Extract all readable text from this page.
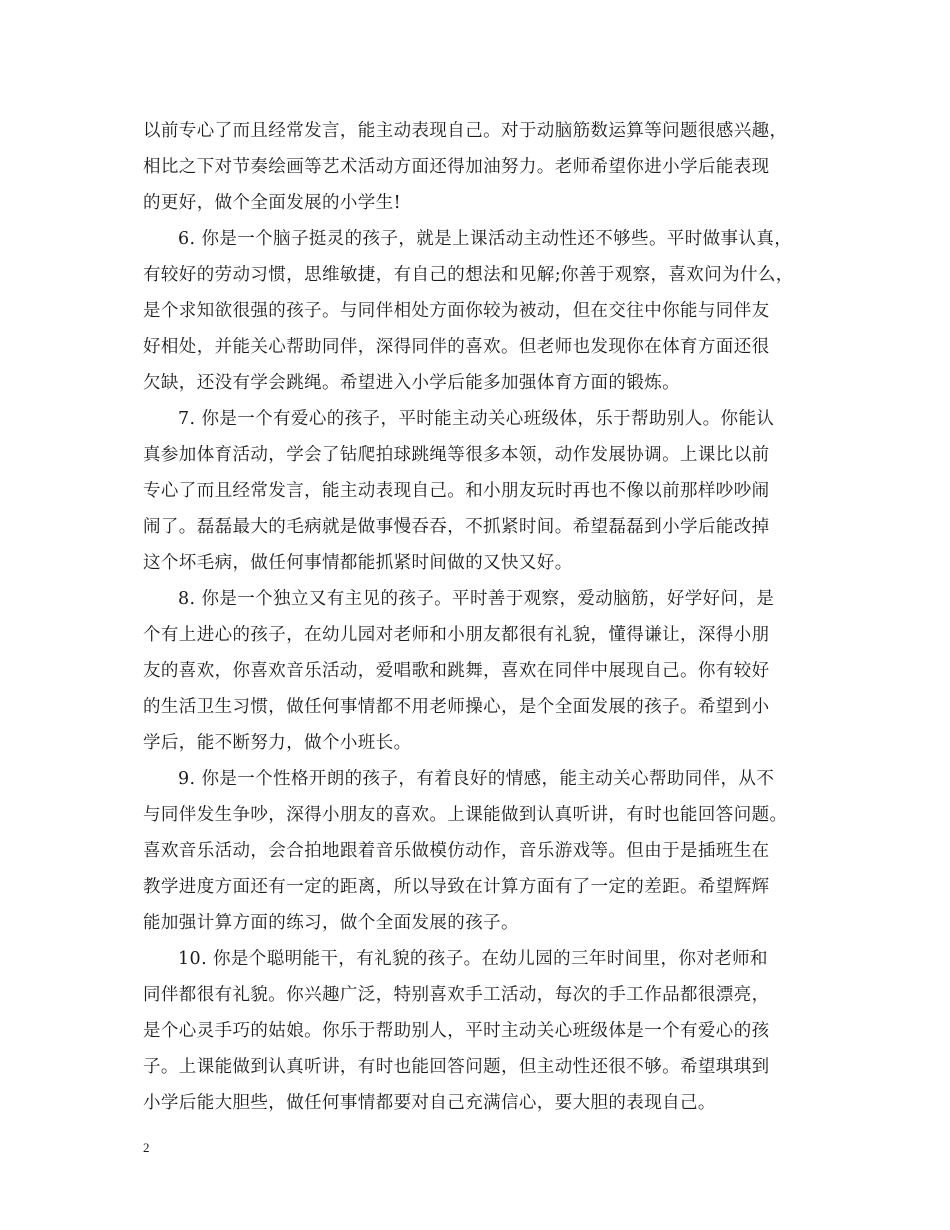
以前专心了而且经常发言，能主动表现自己。对于动脑筋数运算等问题很感兴趣，
相比之下对节奏绘画等艺术活动方面还得加油努力。老师希望你进小学后能表现
的更好，做个全面发展的小学生!
6. 你是一个脑子挺灵的孩子，就是上课活动主动性还不够些。平时做事认真，
有较好的劳动习惯，思维敏捷，有自己的想法和见解;你善于观察，喜欢问为什么，
是个求知欲很强的孩子。与同伴相处方面你较为被动，但在交往中你能与同伴友
好相处，并能关心帮助同伴，深得同伴的喜欢。但老师也发现你在体育方面还很
欠缺，还没有学会跳绳。希望进入小学后能多加强体育方面的锻炼。
7. 你是一个有爱心的孩子，平时能主动关心班级体，乐于帮助别人。你能认
真参加体育活动，学会了钻爬拍球跳绳等很多本领，动作发展协调。上课比以前
专心了而且经常发言，能主动表现自己。和小朋友玩时再也不像以前那样吵吵闹
闹了。磊磊最大的毛病就是做事慢吞吞，不抓紧时间。希望磊磊到小学后能改掉
这个坏毛病，做任何事情都能抓紧时间做的又快又好。
8. 你是一个独立又有主见的孩子。平时善于观察，爱动脑筋，好学好问，是
个有上进心的孩子，在幼儿园对老师和小朋友都很有礼貌，懂得谦让，深得小朋
友的喜欢，你喜欢音乐活动，爱唱歌和跳舞，喜欢在同伴中展现自己。你有较好
的生活卫生习惯，做任何事情都不用老师操心，是个全面发展的孩子。希望到小
学后，能不断努力，做个小班长。
9. 你是一个性格开朗的孩子，有着良好的情感，能主动关心帮助同伴，从不
与同伴发生争吵，深得小朋友的喜欢。上课能做到认真听讲，有时也能回答问题。
喜欢音乐活动，会合拍地跟着音乐做模仿动作，音乐游戏等。但由于是插班生在
教学进度方面还有一定的距离，所以导致在计算方面有了一定的差距。希望辉辉
能加强计算方面的练习，做个全面发展的孩子。
10. 你是个聪明能干，有礼貌的孩子。在幼儿园的三年时间里，你对老师和
同伴都很有礼貌。你兴趣广泛，特别喜欢手工活动，每次的手工作品都很漂亮，
是个心灵手巧的姑娘。你乐于帮助别人，平时主动关心班级体是一个有爱心的孩
子。上课能做到认真听讲，有时也能回答问题，但主动性还很不够。希望琪琪到
小学后能大胆些，做任何事情都要对自己充满信心，要大胆的表现自己。
2
